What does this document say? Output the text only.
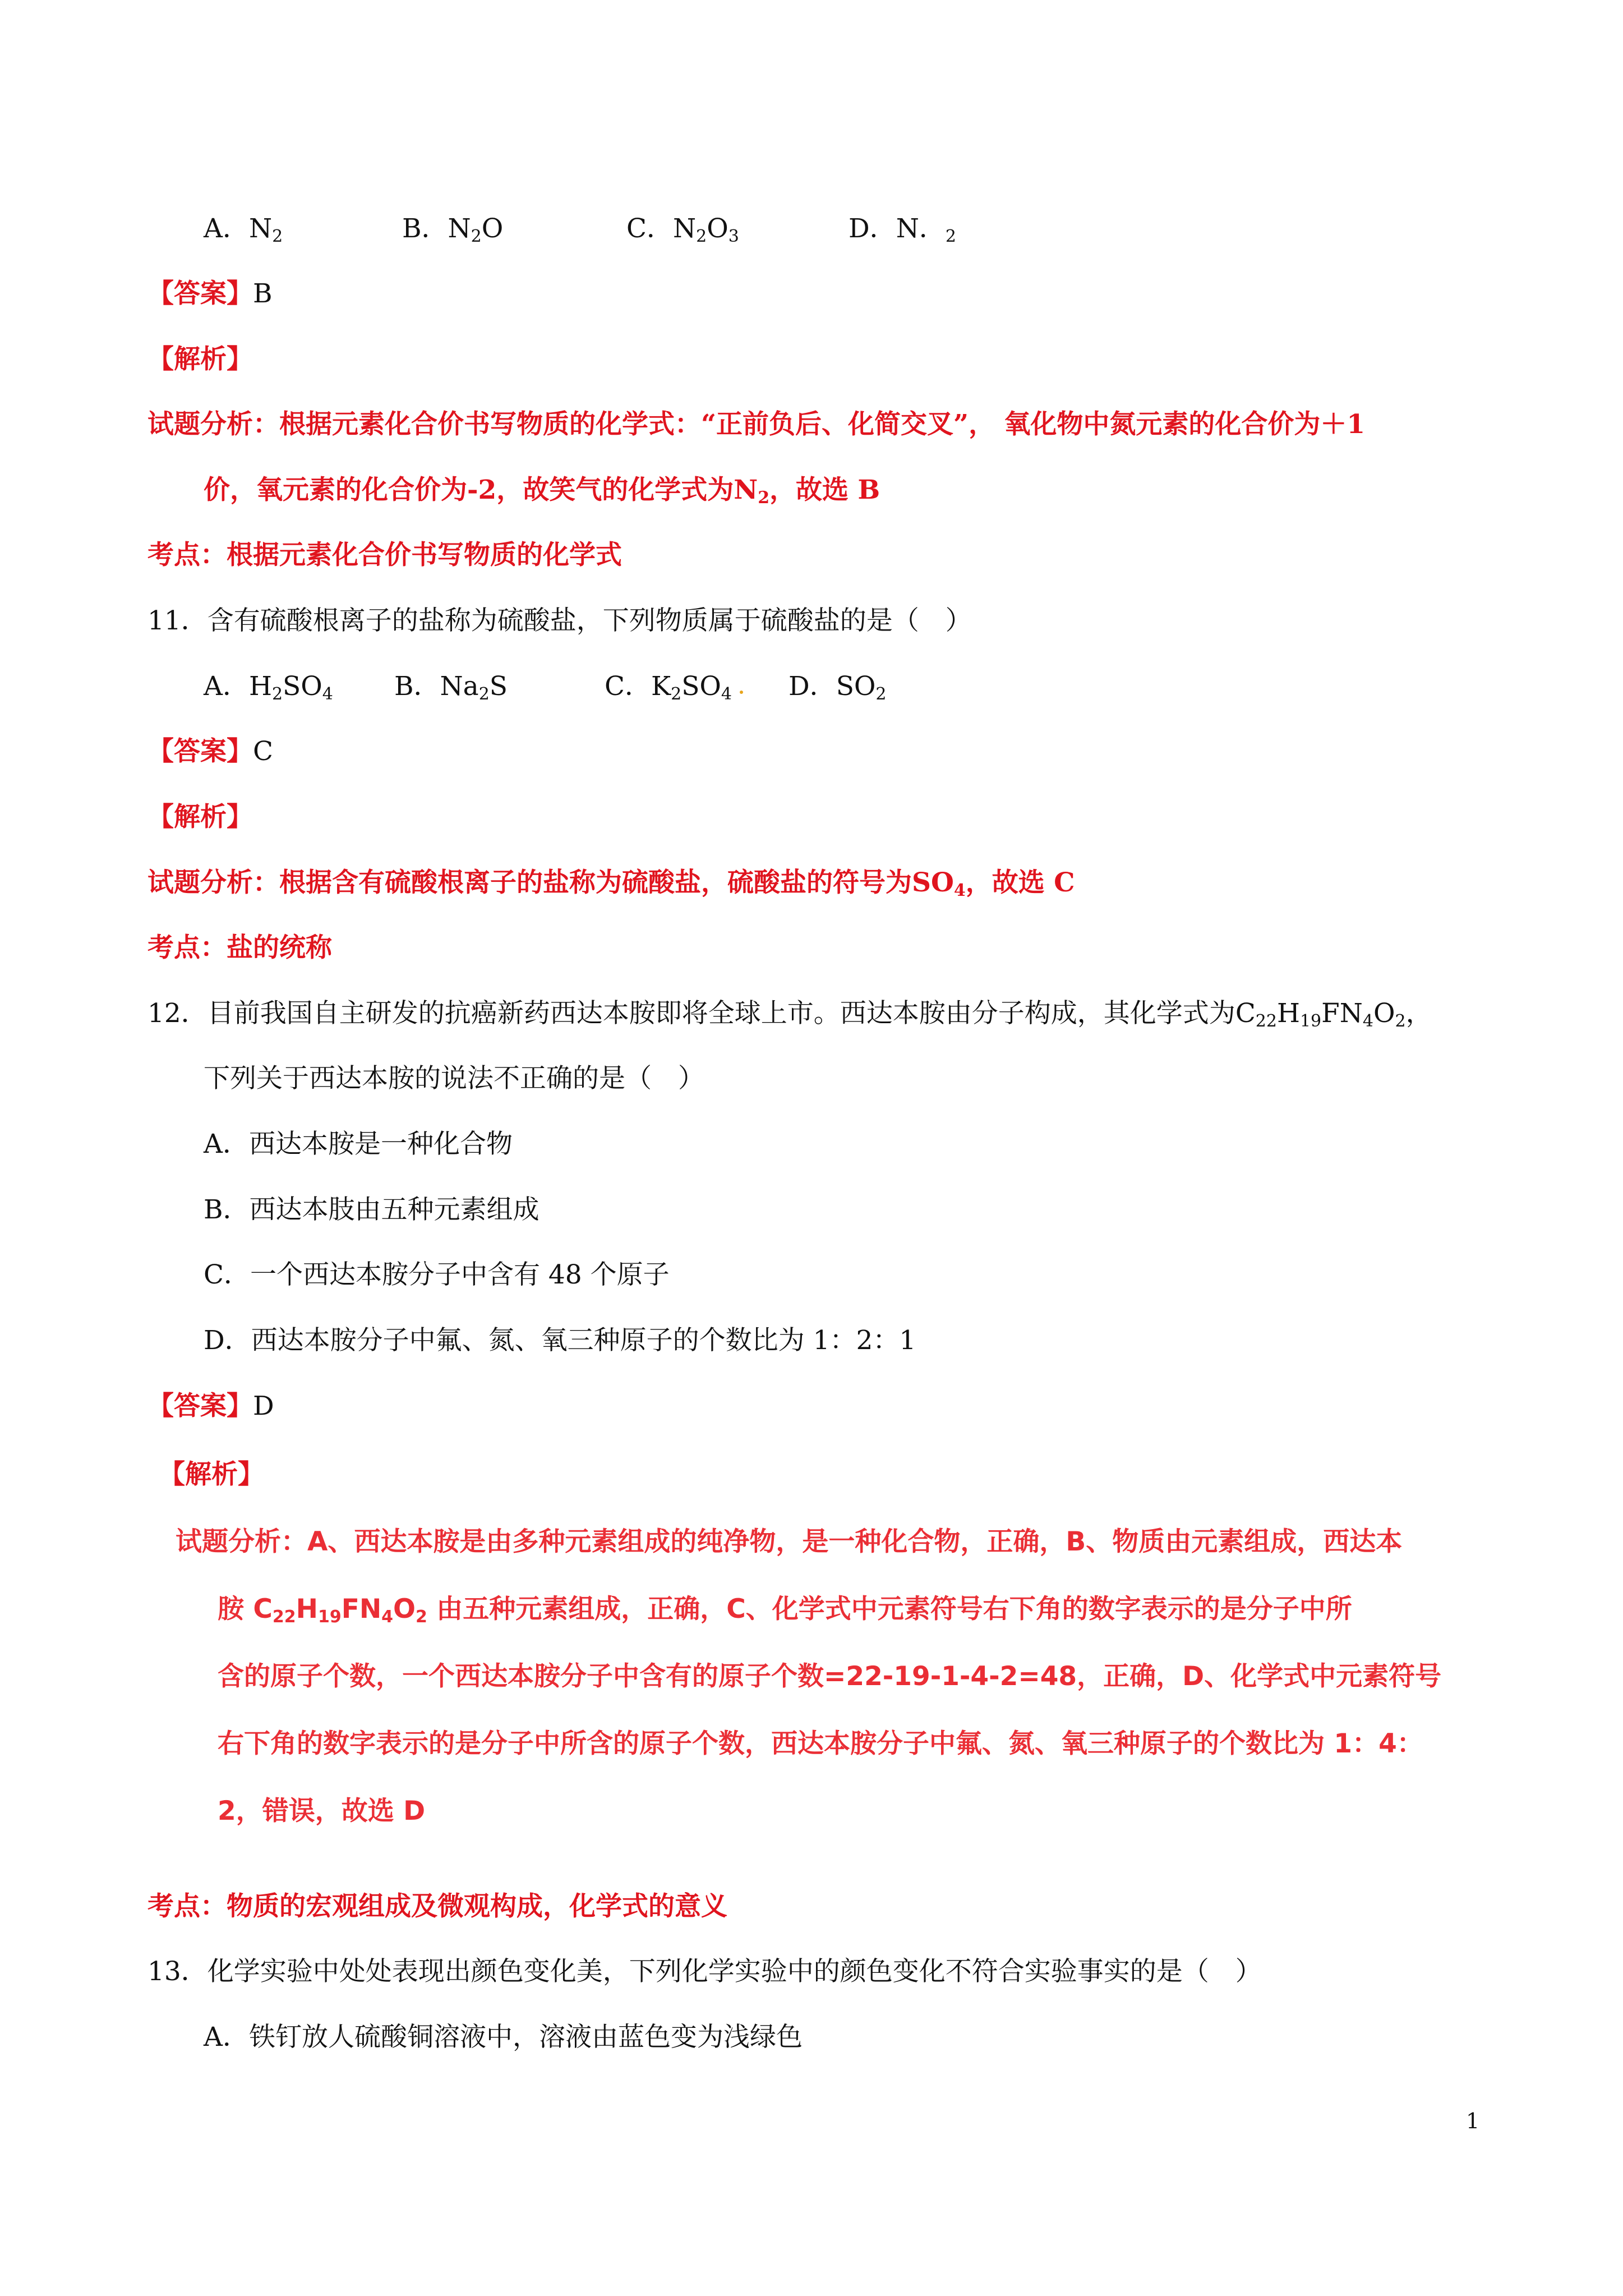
A．$N_2$	B．$N_2O$	C．$N_2O_3$	D．N．$_2$
【答案】B
【解析】
试题分析：根据元素化合价书写物质的化学式：“正前负后、化简交叉”， 氧化物中氮元素的化合价为＋1
价，氧元素的化合价为-2，故笑气的化学式为$N_2$，故选 B
考点：根据元素化合价书写物质的化学式
11．含有硫酸根离子的盐称为硫酸盐，下列物质属于硫酸盐的是（　）
A．$H_2SO_4$ B．$Na_2S$	C．$K_2SO_4$	D．$SO_2$
【答案】C
【解析】
试题分析：根据含有硫酸根离子的盐称为硫酸盐，硫酸盐的符号为$SO_4$，故选 C
考点：盐的统称
12．目前我国自主研发的抗癌新药西达本胺即将全球上市。西达本胺由分子构成，其化学式为$C_{22}H_{19}FN_4O_2$，
下列关于西达本胺的说法不正确的是（　）
A．西达本胺是一种化合物
B．西达本肢由五种元素组成
C．一个西达本胺分子中含有 48 个原子
D．西达本胺分子中氟、氮、氧三种原子的个数比为 1：2：1
【答案】D
【解析】
试题分析：A、西达本胺是由多种元素组成的纯净物，是一种化合物，正确，B、物质由元素组成，西达本
胺 $C_{22}H_{19}FN_4O_2$ 由五种元素组成，正确，C、化学式中元素符号右下角的数字表示的是分子中所
含的原子个数，一个西达本胺分子中含有的原子个数=22-19-1-4-2=48，正确，D、化学式中元素符号
右下角的数字表示的是分子中所含的原子个数，西达本胺分子中氟、氮、氧三种原子的个数比为 1：4：
2，错误，故选 D
考点：物质的宏观组成及微观构成，化学式的意义
13．化学实验中处处表现出颜色变化美，下列化学实验中的颜色变化不符合实验事实的是（　）
A．铁钉放人硫酸铜溶液中，溶液由蓝色变为浅绿色
1
